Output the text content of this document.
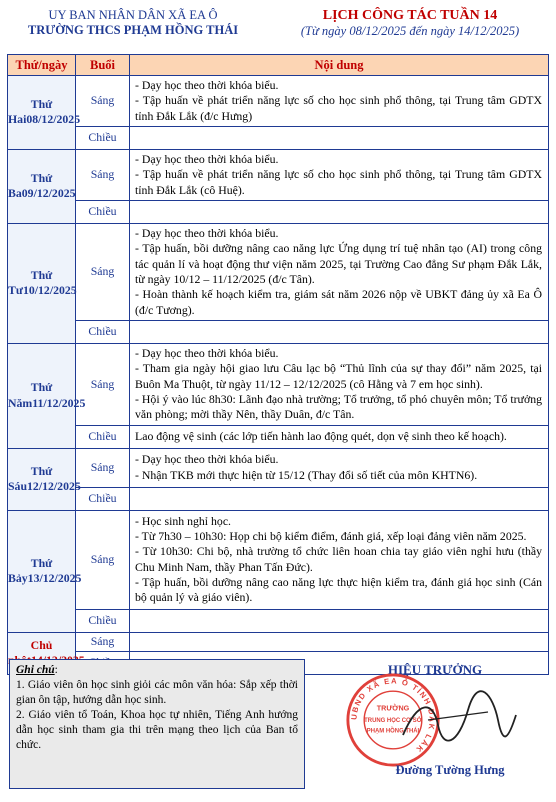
UY BAN NHÂN DÂN XÃ EA Ô
TRƯỜNG THCS PHẠM HỒNG THÁI
LỊCH CÔNG TÁC TUẦN 14
(Từ ngày 08/12/2025 đến ngày 14/12/2025)
Thứ/ngày	Buổi	Nội dung
Thứ Hai08/12/2025	Sáng	- Dạy học theo thời khóa biểu.
- Tập huấn về phát triển năng lực số cho học sinh phổ thông, tại Trung tâm GDTX tỉnh Đắk Lắk (đ/c Hưng)

	Chiều	
Thứ Ba09/12/2025	Sáng	- Dạy học theo thời khóa biểu.
- Tập huấn về phát triển năng lực số cho học sinh phổ thông, tại Trung tâm GDTX tỉnh Đắk Lắk (cô Huệ).

	Chiều	
Thứ Tư10/12/2025	Sáng	- Dạy học theo thời khóa biểu.
- Tập huấn, bồi dưỡng nâng cao năng lực Ứng dụng trí tuệ nhân tạo (AI) trong công tác quản lí và hoạt động thư viện năm 2025, tại Trường Cao đẳng Sư phạm Đắk Lắk, từ ngày 10/12 – 11/12/2025 (đ/c Tân).
- Hoàn thành kế hoạch kiểm tra, giám sát năm 2026 nộp về UBKT đảng ủy xã Ea Ô (đ/c Tương).

	Chiều	
Thứ Năm11/12/2025	Sáng	- Dạy học theo thời khóa biểu.
- Tham gia ngày hội giao lưu Câu lạc bộ “Thủ lĩnh của sự thay đổi” năm 2025, tại Buôn Ma Thuột, từ ngày 11/12 – 12/12/2025 (cô Hằng và 7 em học sinh).
- Hội ý vào lúc 8h30: Lãnh đạo nhà trường; Tổ trưởng, tổ phó chuyên môn; Tổ trưởng văn phòng; mời thầy Nên, thầy Duân, đ/c Tân.

	Chiều	Lao động vệ sinh (các lớp tiến hành lao động quét, dọn vệ sinh theo kế hoạch).
Thứ Sáu12/12/2025	Sáng	- Dạy học theo thời khóa biểu.
- Nhận TKB mới thực hiện từ 15/12 (Thay đổi số tiết của môn KHTN6).

	Chiều	
Thứ Bảy13/12/2025	Sáng	- Học sinh nghỉ học.
- Từ 7h30 – 10h30: Họp chi bộ kiểm điểm, đánh giá, xếp loại đảng viên năm 2025.
- Từ 10h30: Chi bộ, nhà trường tổ chức liên hoan chia tay giáo viên nghỉ hưu (thầy Chu Minh Nam, thầy Phan Tấn Đức).
- Tập huấn, bồi dưỡng nâng cao năng lực thực hiện kiểm tra, đánh giá học sinh (Cán bộ quản lý và giáo viên).

	Chiều	
Chủ	Sáng	

Ghi chú:
1. Giáo viên ôn học sinh giỏi các môn văn hóa: Sắp xếp thời gian ôn tập, hướng dẫn học sinh.
2. Giáo viên tổ Toán, Khoa học tự nhiên, Tiếng Anh hướng dẫn học sinh tham gia thi trên mạng theo lịch của Ban tổ chức.
HIỆU TRƯỞNG
UBND XÃ EA Ô TỈNH ĐẮK LẮK
TRƯỜNG
TRUNG HỌC CƠ SỞ
PHẠM HỒNG THÁI
Đường Tường Hưng
